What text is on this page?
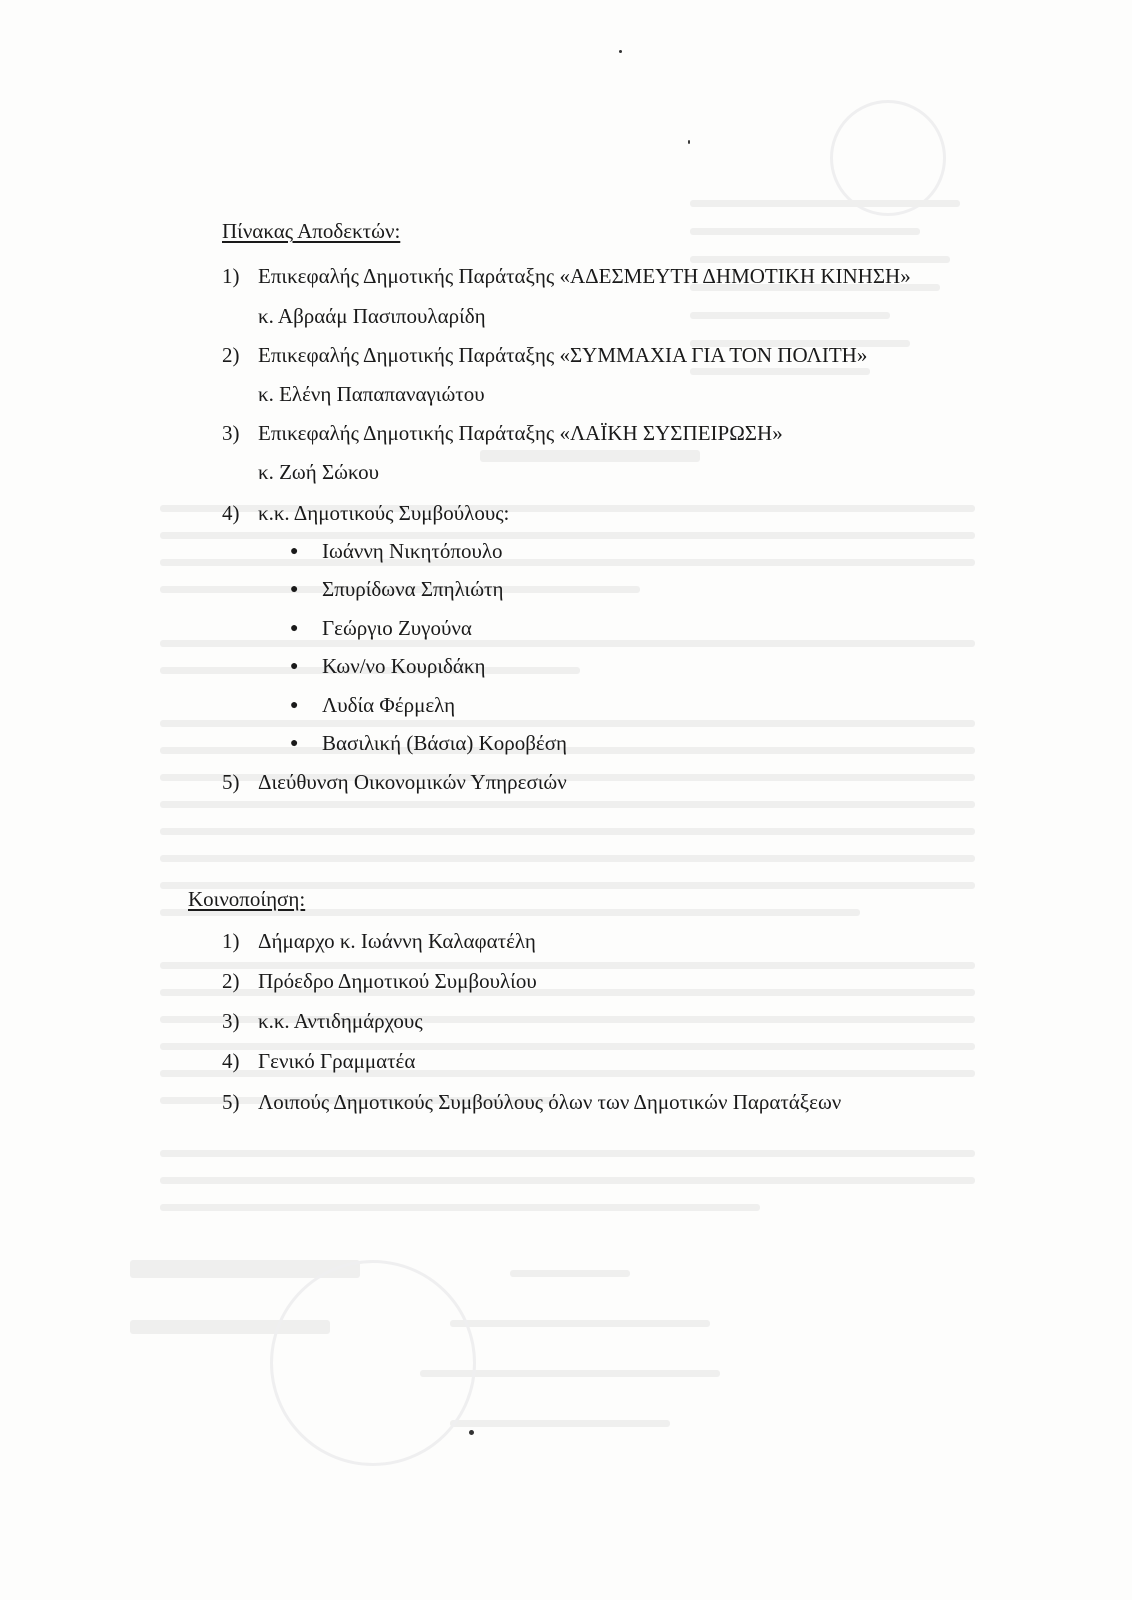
Πίνακας Αποδεκτών:
1) Επικεφαλής Δημοτικής Παράταξης «ΑΔΕΣΜΕΥΤΗ ΔΗΜΟΤΙΚΗ ΚΙΝΗΣΗ»
κ. Αβραάμ Πασιπουλαρίδη
2) Επικεφαλής Δημοτικής Παράταξης «ΣΥΜΜΑΧΙΑ ΓΙΑ ΤΟΝ ΠΟΛΙΤΗ»
κ. Ελένη Παπαπαναγιώτου
3) Επικεφαλής Δημοτικής Παράταξης «ΛΑΪΚΗ ΣΥΣΠΕΙΡΩΣΗ»
κ. Ζωή Σώκου
4) κ.κ. Δημοτικούς Συμβούλους:
● Ιωάννη Νικητόπουλο
● Σπυρίδωνα Σπηλιώτη
● Γεώργιο Ζυγούνα
● Κων/νο Κουριδάκη
● Λυδία Φέρμελη
● Βασιλική (Βάσια) Κοροβέση
5) Διεύθυνση Οικονομικών Υπηρεσιών
Κοινοποίηση:
1) Δήμαρχο κ. Ιωάννη Καλαφατέλη
2) Πρόεδρο Δημοτικού Συμβουλίου
3) κ.κ. Αντιδημάρχους
4) Γενικό Γραμματέα
5) Λοιπούς Δημοτικούς Συμβούλους όλων των Δημοτικών Παρατάξεων
